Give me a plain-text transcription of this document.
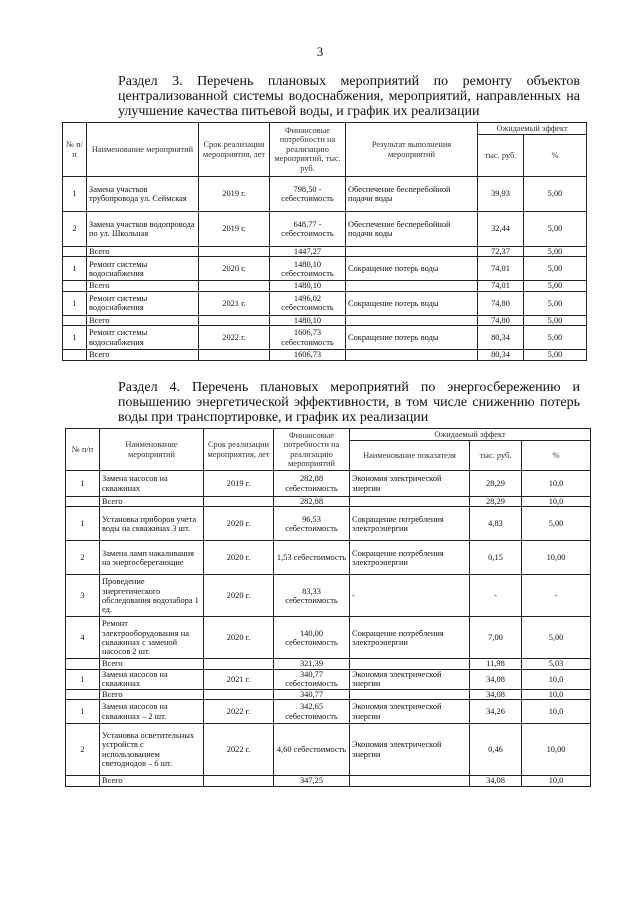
3
Раздел 3. Перечень плановых мероприятий по ремонту объектов централизованной системы водоснабжения, мероприятий, направленных на улучшение качества питьевой воды, и график их реализации
№ п/ п	Наименование мероприятий	Срок реализации мероприятия, лет	Финансовые потребности на реализацию мероприятий, тыс. руб.	Результат выполнения мероприятий	Ожидаемый эффект	
					тыс. руб.	%
1	Замена участков трубопровода ул. Сеймская	2019 г.	798,50 - себестоимость	Обеспечение бесперебойной подачи воды	39,93	5,00
2	Замена участков водопровода по ул. Школьная	2019 г.	648,77 - себестоимость	Обеспечение бесперебойной подачи воды	32,44	5,00
	Всего		1447,27		72,37	5,00
1	Ремонт системы водоснабжения	2020 г.	1480,10 себестоимость	Сокращение потерь воды	74,01	5,00
	Всего		1480,10		74,01	5,00
1	Ремонт системы водоснабжения	2021 г.	1496,02 себестоимость	Сокращение потерь воды	74,80	5,00
	Всего		1480,10		74,80	5,00
1	Ремонт системы водоснабжения	2022 г.	1606,73 себестоимость	Сокращение потерь воды	80,34	5,00
	Всего		1606,73		80,34	5,00
Раздел 4. Перечень плановых мероприятий по энергосбережению и повышению энергетической эффективности, в том числе снижению потерь воды при транспортировке, и график их реализации
№ п/п	Наименование мероприятий	Срок реализации мероприятия, лет	Финансовые потребности на реализацию мероприятий	Ожидаемый эффект		
				Наименование показателя	тыс. руб.	%
1	Замена насосов на скважинах	2019 г.	282,88 себестоимость	Экономия электрической энергии	28,29	10,0
	Всего		282,88		28,29	10,0
1	Установка приборов учета воды на скважинах 3 шт.	2020 г.	96,53 себестоимость	Сокращение потребления электроэнергии	4,83	5,00
2	Замена ламп накаливания на энергосберегающие	2020 г.	1,53 себестоимость	Сокращение потребления электроэнергии	0,15	10,00
3	Проведение энергетического обследования водозабора 1 ед.	2020 г.	83,33 себестоимость	-	-	-
4	Ремонт электрооборудования на скважинах с заменой насосов 2 шт.	2020 г.	140,00 себестоимость	Сокращение потребления электроэнергии	7,00	5,00
	Всего		321,39		11,98	5,03
1	Замена насосов на скважинах	2021 г.	340,77 себестоимость	Экономия электрической энергии	34,08	10,0
	Всего		340,77		34,08	10,0
1	Замена насосов на скважинах – 2 шт.	2022 г.	342,65 себестоимость	Экономия электрической энергии	34,26	10,0
2	Установка осветительных устройств с использованием светодиодов – 6 шт.	2022 г.	4,60 себестоимость	Экономия электрической энергии	0,46	10,00
	Всего		347,25		34,08	10,0
